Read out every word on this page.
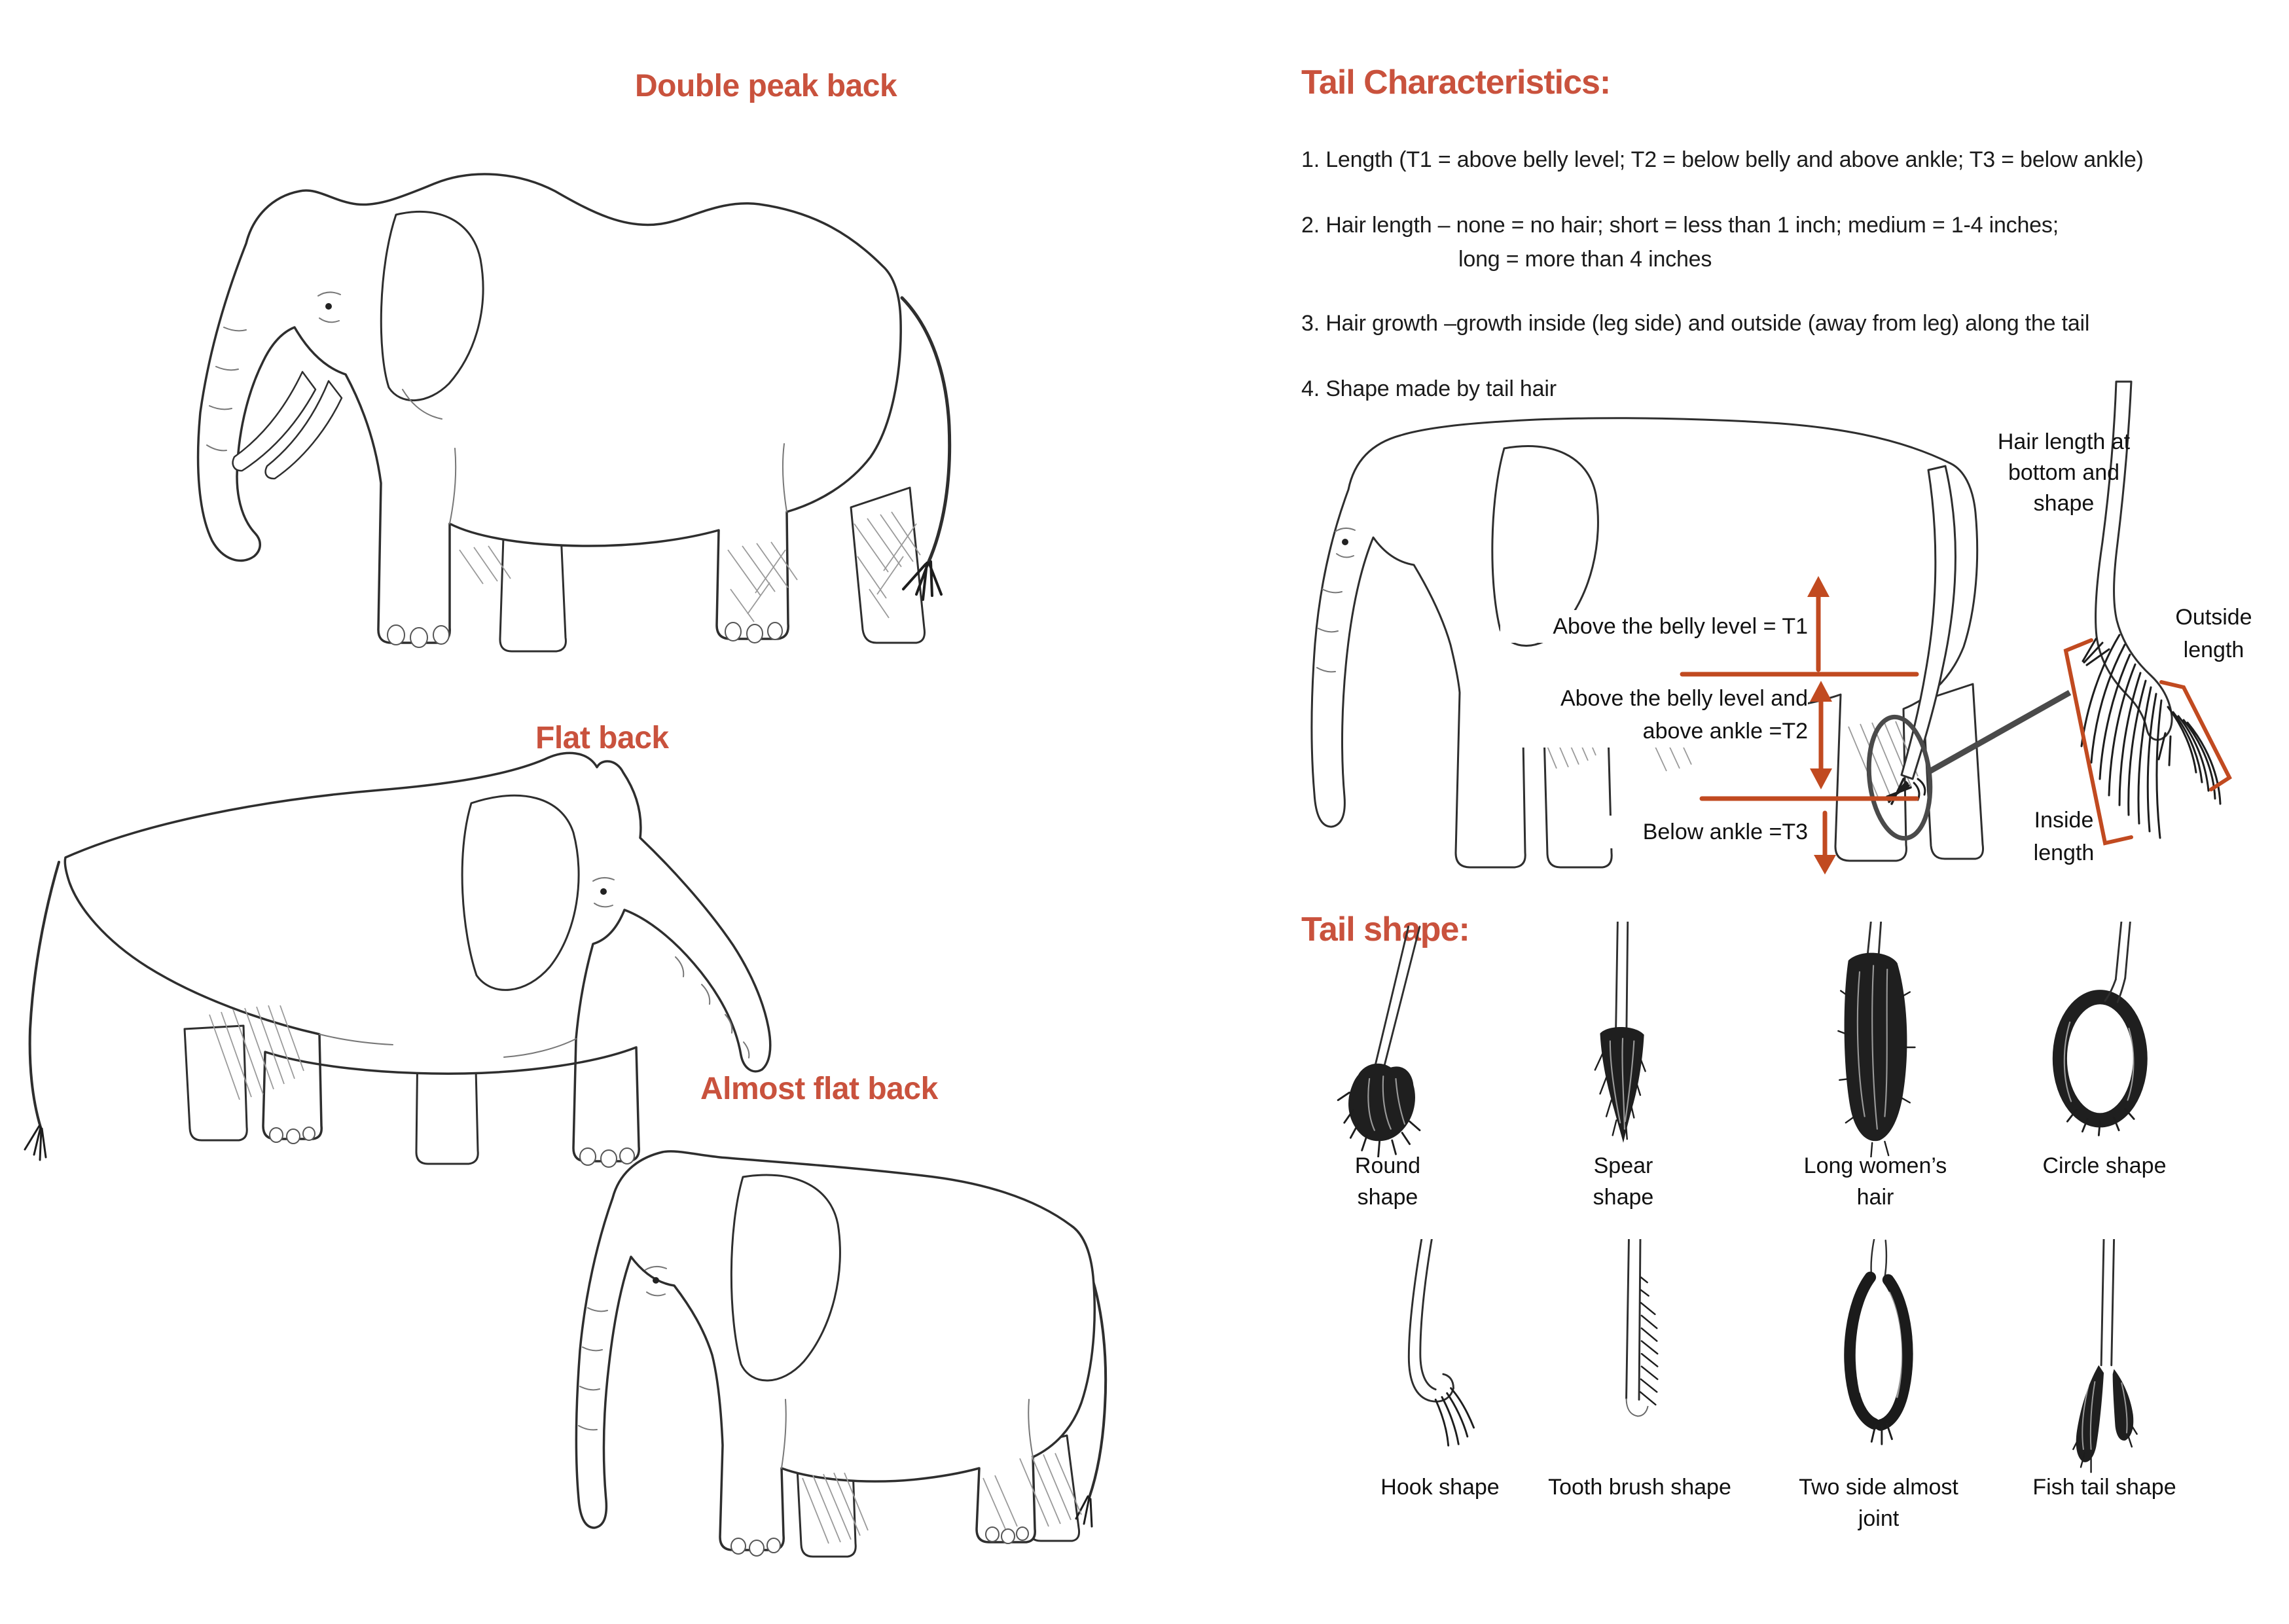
Double peak back
Flat back
Almost flat back
Tail Characteristics:
1. Length (T1 = above belly level; T2 = below belly and above ankle; T3 = below ankle)
2. Hair length – none = no hair; short = less than 1 inch; medium = 1-4 inches;
long = more than 4 inches
3. Hair growth –growth inside (leg side) and outside (away from leg) along the tail
4. Shape made by tail hair
Above the belly level = T1
Above the belly level and
above ankle =T2
Below ankle =T3
Hair length at
bottom and
shape
Outside
length
Inside
length
Tail shape:
Round
shape
Spear
shape
Long women’s
hair
Circle shape
Hook shape	Tooth brush shape	Two side almost
joint
Fish tail shape
